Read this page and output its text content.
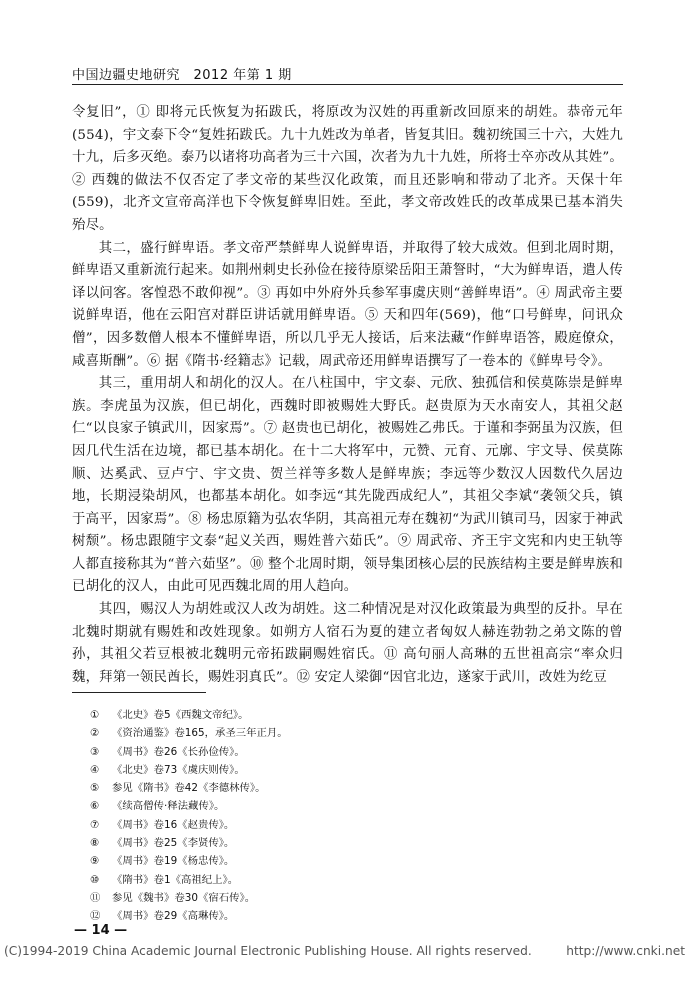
中国边疆史地研究　2012 年第 1 期

令复旧”，① 即将元氏恢复为拓跋氏，将原改为汉姓的再重新改回原来的胡姓。恭帝元年(554)，宇文泰下令“复姓拓跋氏。九十九姓改为单者，皆复其旧。魏初统国三十六，大姓九十九，后多灭绝。泰乃以诸将功高者为三十六国，次者为九十九姓，所将士卒亦改从其姓”。② 西魏的做法不仅否定了孝文帝的某些汉化政策，而且还影响和带动了北齐。天保十年(559)，北齐文宣帝高洋也下令恢复鲜卑旧姓。至此，孝文帝改姓氏的改革成果已基本消失殆尽。

其二，盛行鲜卑语。孝文帝严禁鲜卑人说鲜卑语，并取得了较大成效。但到北周时期，鲜卑语又重新流行起来。如荆州刺史长孙俭在接待原梁岳阳王萧詧时，“大为鲜卑语，遣人传译以问客。客惶恐不敢仰视”。③ 再如中外府外兵参军事虞庆则“善鲜卑语”。④ 周武帝主要说鲜卑语，他在云阳宫对群臣讲话就用鲜卑语。⑤ 天和四年(569)，他“口号鲜卑，问讯众僧”，因多数僧人根本不懂鲜卑语，所以几乎无人接话，后来法藏“作鲜卑语答，殿庭僚众，咸喜斯酬”。⑥ 据《隋书·经籍志》记载，周武帝还用鲜卑语撰写了一卷本的《鲜卑号令》。

其三，重用胡人和胡化的汉人。在八柱国中，宇文泰、元欣、独孤信和侯莫陈崇是鲜卑族。李虎虽为汉族，但已胡化，西魏时即被赐姓大野氏。赵贵原为天水南安人，其祖父赵仁“以良家子镇武川，因家焉”。⑦ 赵贵也已胡化，被赐姓乙弗氏。于谨和李弼虽为汉族，但因几代生活在边境，都已基本胡化。在十二大将军中，元赞、元育、元廓、宇文导、侯莫陈顺、达奚武、豆卢宁、宇文贵、贺兰祥等多数人是鲜卑族；李远等少数汉人因数代久居边地，长期浸染胡风，也都基本胡化。如李远“其先陇西成纪人”，其祖父李斌“袭领父兵，镇于高平，因家焉”。⑧ 杨忠原籍为弘农华阴，其高祖元寿在魏初“为武川镇司马，因家于神武树颓”。杨忠跟随宇文泰“起义关西，赐姓普六茹氏”。⑨ 周武帝、齐王宇文宪和内史王轨等人都直接称其为“普六茹坚”。⑩ 整个北周时期，领导集团核心层的民族结构主要是鲜卑族和已胡化的汉人，由此可见西魏北周的用人趋向。

其四，赐汉人为胡姓或汉人改为胡姓。这二种情况是对汉化政策最为典型的反扑。早在北魏时期就有赐姓和改姓现象。如朔方人宿石为夏的建立者匈奴人赫连勃勃之弟文陈的曾孙，其祖父若豆根被北魏明元帝拓跋嗣赐姓宿氏。⑪ 高句丽人高琳的五世祖高宗“率众归魏，拜第一领民酋长，赐姓羽真氏”。⑫ 安定人梁御“因官北边，遂家于武川，改姓为纥豆

① 《北史》卷5《西魏文帝纪》。
② 《资治通鉴》卷165，承圣三年正月。
③ 《周书》卷26《长孙俭传》。
④ 《北史》卷73《虞庆则传》。
⑤ 参见《隋书》卷42《李德林传》。
⑥ 《续高僧传·释法藏传》。
⑦ 《周书》卷16《赵贵传》。
⑧ 《周书》卷25《李贤传》。
⑨ 《周书》卷19《杨忠传》。
⑩ 《隋书》卷1《高祖纪上》。
⑪ 参见《魏书》卷30《宿石传》。
⑫ 《周书》卷29《高琳传》。
— 14 —
(C)1994-2019 China Academic Journal Electronic Publishing House. All rights reserved.	http://www.cnki.net
